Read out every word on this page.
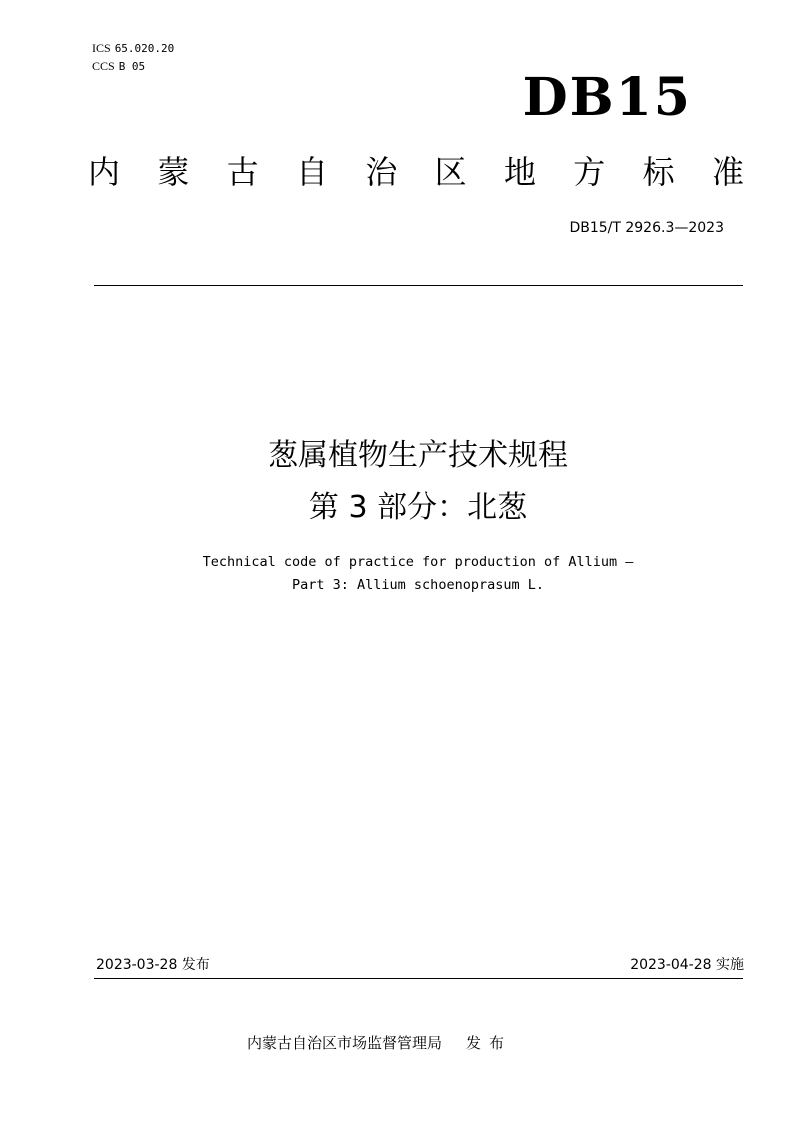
ICS 65.020.20
CCS B 05
DB15
内 蒙 古 自 治 区 地 方 标 准
DB15/T 2926.3—2023
葱属植物生产技术规程
第 3 部分：北葱
Technical code of practice for production of Allium —
Part 3: Allium schoenoprasum L.
2023-03-28 发布	2023-04-28 实施
内蒙古自治区市场监督管理局 发布
